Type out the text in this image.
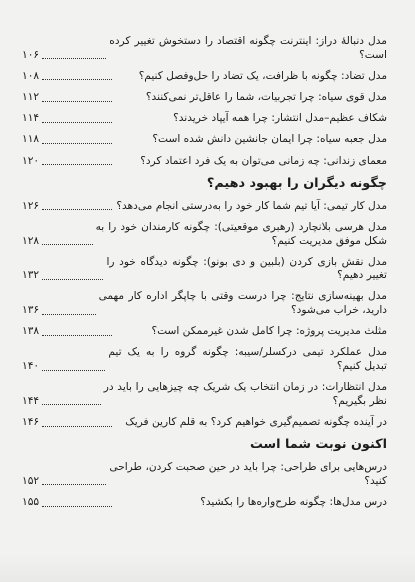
مدل دنبالهٔ دراز: اینترنت چگونه اقتصاد را دستخوش تغییر کرده است؟
۱۰۶
مدل تضاد: چگونه با ظرافت، یک تضاد را حل‌وفصل کنیم؟
۱۰۸
مدل قوی سیاه: چرا تجربیات، شما را عاقل‌تر نمی‌کنند؟
۱۱۲
شکاف عظیم–مدل انتشار: چرا همه آیپاد خریدند؟
۱۱۴
مدل جعبه سیاه: چرا ایمان جانشین دانش شده است؟
۱۱۸
معمای زندانی: چه زمانی می‌توان به یک فرد اعتماد کرد؟
۱۲۰
چگونه دیگران را بهبود دهیم؟
مدل کار تیمی: آیا تیم شما کار خود را به‌درستی انجام می‌دهد؟
۱۲۶
مدل هرسی بلانچارد (رهبری موقعیتی): چگونه کارمندان خود را به شکل موفق مدیریت کنیم؟
۱۲۸
مدل نقش بازی کردن (بلبین و دی بونو): چگونه دیدگاه خود را تغییر دهیم؟
۱۳۲
مدل بهینه‌سازی نتایج: چرا درست وقتی با چاپگر اداره کار مهمی دارید، خراب می‌شود؟
۱۳۶
مثلث مدیریت پروژه: چرا کامل شدن غیرممکن است؟
۱۳۸
مدل عملکرد تیمی درکسلر/سیبه: چگونه گروه را به یک تیم تبدیل کنیم؟
۱۴۰
مدل انتظارات: در زمان انتخاب یک شریک چه چیزهایی را باید در نظر بگیریم؟
۱۴۴
در آینده چگونه تصمیم‌گیری خواهیم کرد؟ به قلم کارین فریک
۱۴۶
اکنون نوبت شما است
درس‌هایی برای طراحی: چرا باید در حین صحبت کردن، طراحی کنید؟
۱۵۲
درس مدل‌ها: چگونه طرح‌واره‌ها را بکشید؟
۱۵۵
